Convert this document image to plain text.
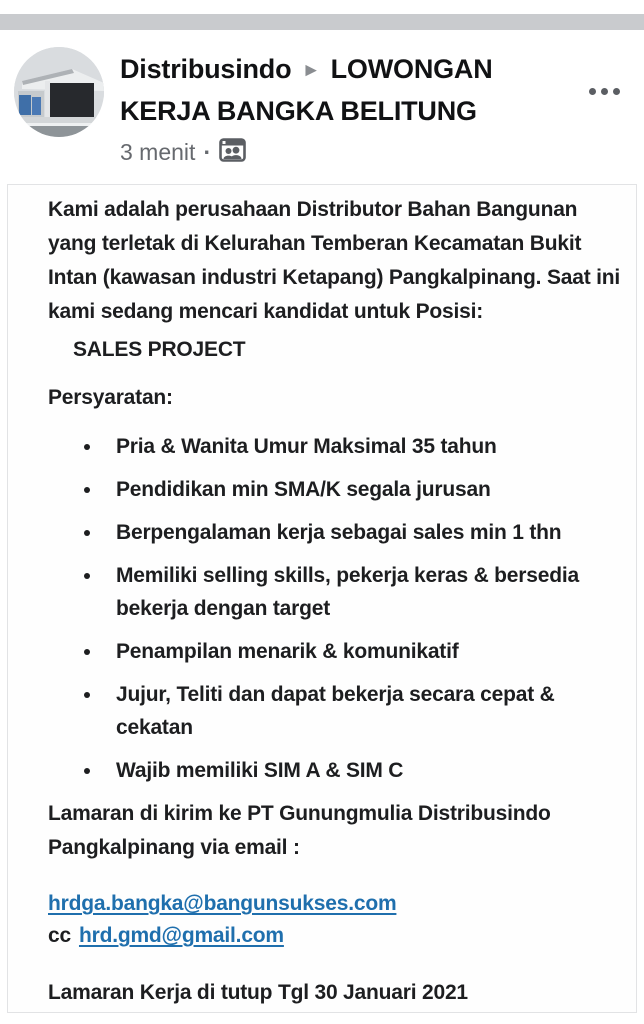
Distribusindo ► LOWONGAN KERJA BANGKA BELITUNG
3 menit ·

Kami adalah perusahaan Distributor Bahan Bangunan yang terletak di Kelurahan Temberan Kecamatan Bukit Intan (kawasan industri Ketapang) Pangkalpinang. Saat ini kami sedang mencari kandidat untuk Posisi:

SALES PROJECT

Persyaratan:

Pria & Wanita Umur Maksimal 35 tahun
Pendidikan min SMA/K segala jurusan
Berpengalaman kerja sebagai sales min 1 thn
Memiliki selling skills, pekerja keras & bersedia bekerja dengan target
Penampilan menarik & komunikatif
Jujur, Teliti dan dapat bekerja secara cepat & cekatan
Wajib memiliki SIM A & SIM C

Lamaran di kirim ke PT Gunungmulia Distribusindo Pangkalpinang via email :

hrdga.bangka@bangunsukses.com

cc hrd.gmd@gmail.com

Lamaran Kerja di tutup Tgl 30 Januari 2021
